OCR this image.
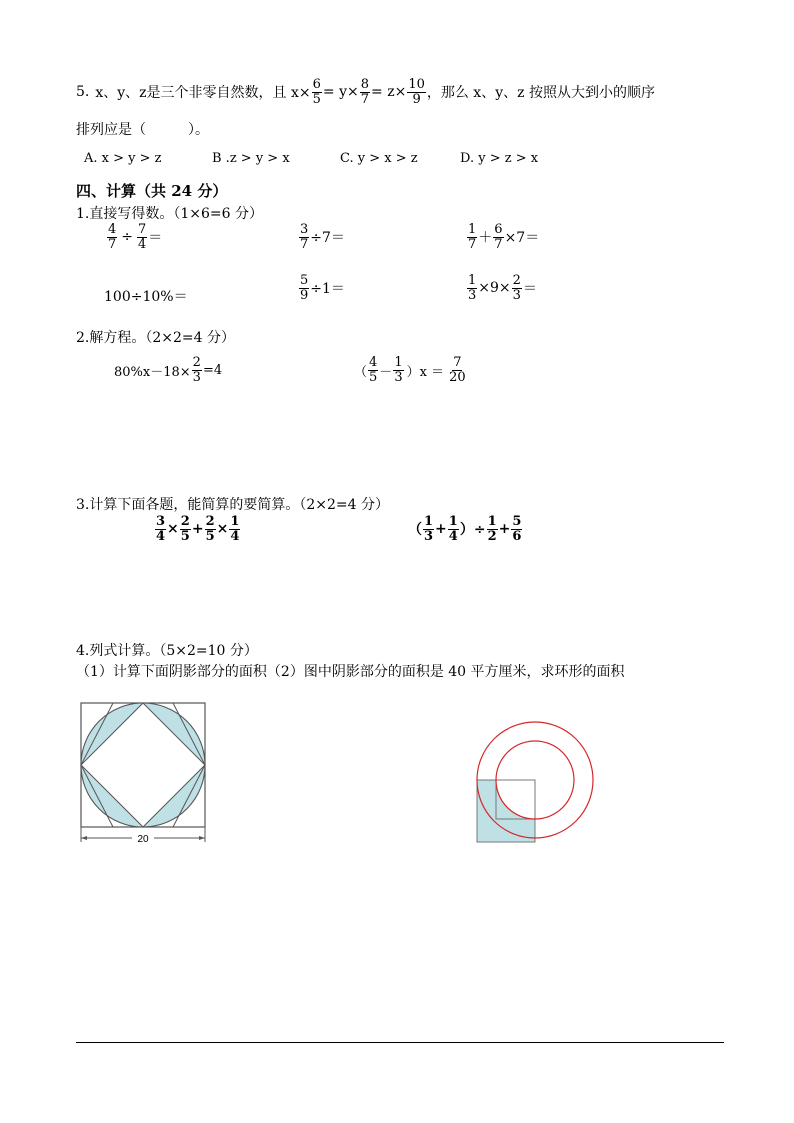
5. x、y、z是三个非零自然数，且 $x\times \frac{6}{5} = y\times \frac{8}{7} = z\times \frac{10}{9}$ ，那么 x、y、z 按照从大到小的顺序
排列应是（　　　）。
A. x > y > z	B .z > y > x	C. y > x > z	D. y > z > x
四、计算（共 24 分）
1.直接写得数。（1×6=6 分）
$\frac{4}{7} \div \frac{7}{4}$ ＝	$\frac{3}{7} \div 7=$	$\frac{1}{7} + \frac{6}{7} \times 7=$
100÷10%＝	$\frac{5}{9} \div 1=$	$\frac{1}{3} \times 9\times \frac{2}{3}$ ＝
2.解方程。（2×2=4 分）
$80\%x-18\times \frac{2}{3} =4$	（ $\frac{4}{5} - \frac{1}{3} )x = \frac{7}{20}$
3.计算下面各题，能简算的要简算。（2×2=4 分）
$\frac{3}{4} \times \frac{2}{5} + \frac{2}{5} \times \frac{1}{4}$	（ $\frac{1}{3} + \frac{1}{4}$ ）÷ $\frac{1}{2} + \frac{5}{6}$
4.列式计算。（5×2=10 分）
（1）计算下面阴影部分的面积（2）图中阴影部分的面积是 40 平方厘米，求环形的面积
20
